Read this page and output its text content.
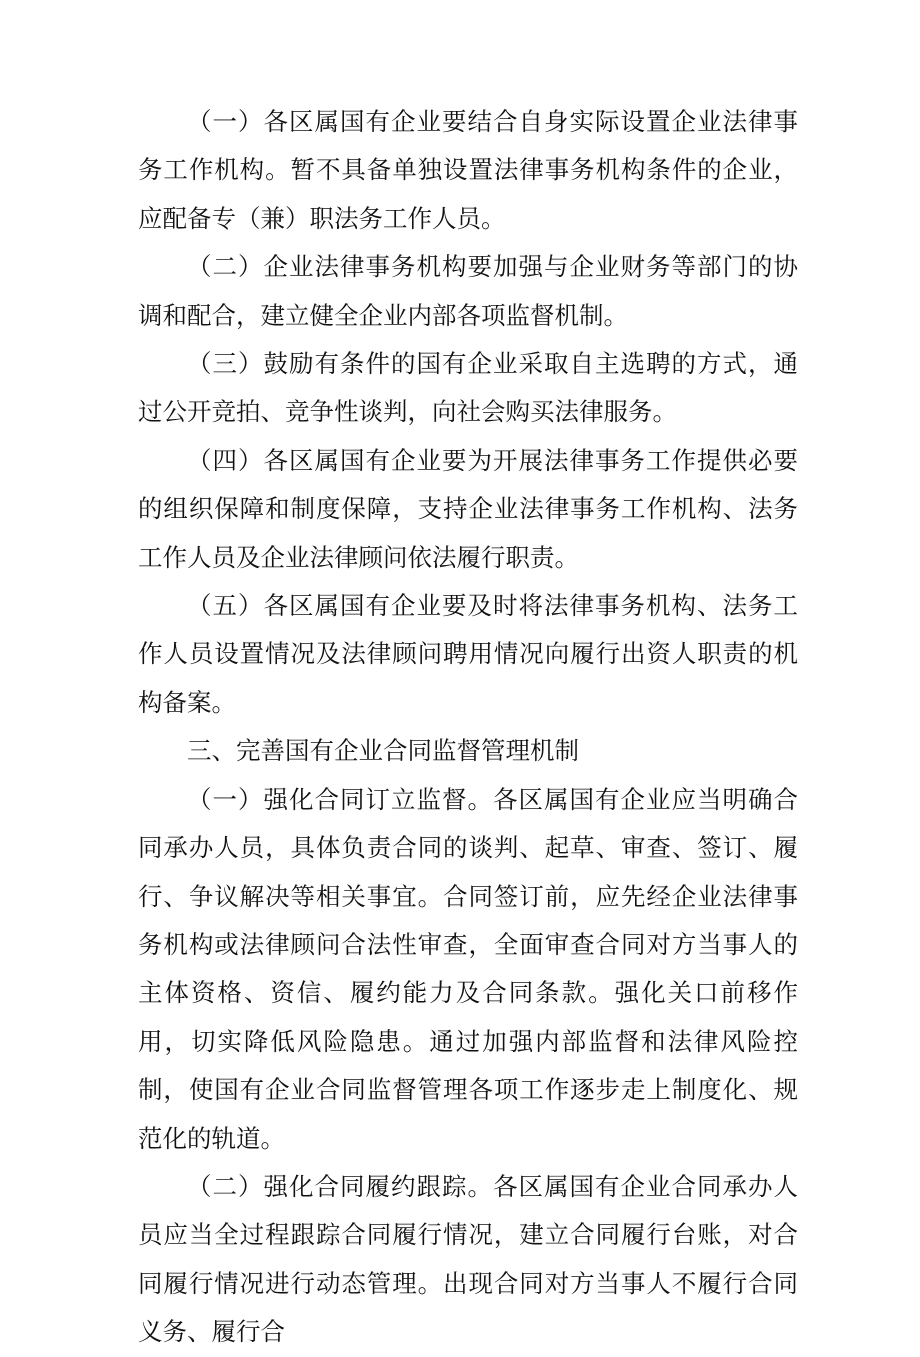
（一）各区属国有企业要结合自身实际设置企业法律事务工作机构。暂不具备单独设置法律事务机构条件的企业，应配备专（兼）职法务工作人员。

（二）企业法律事务机构要加强与企业财务等部门的协调和配合，建立健全企业内部各项监督机制。

（三）鼓励有条件的国有企业采取自主选聘的方式，通过公开竞拍、竞争性谈判，向社会购买法律服务。

（四）各区属国有企业要为开展法律事务工作提供必要的组织保障和制度保障，支持企业法律事务工作机构、法务工作人员及企业法律顾问依法履行职责。

（五）各区属国有企业要及时将法律事务机构、法务工作人员设置情况及法律顾问聘用情况向履行出资人职责的机构备案。

三、完善国有企业合同监督管理机制

（一）强化合同订立监督。各区属国有企业应当明确合同承办人员，具体负责合同的谈判、起草、审查、签订、履行、争议解决等相关事宜。合同签订前，应先经企业法律事务机构或法律顾问合法性审查，全面审查合同对方当事人的主体资格、资信、履约能力及合同条款。强化关口前移作用，切实降低风险隐患。通过加强内部监督和法律风险控制，使国有企业合同监督管理各项工作逐步走上制度化、规范化的轨道。

（二）强化合同履约跟踪。各区属国有企业合同承办人员应当全过程跟踪合同履行情况，建立合同履行台账，对合同履行情况进行动态管理。出现合同对方当事人不履行合同义务、履行合
